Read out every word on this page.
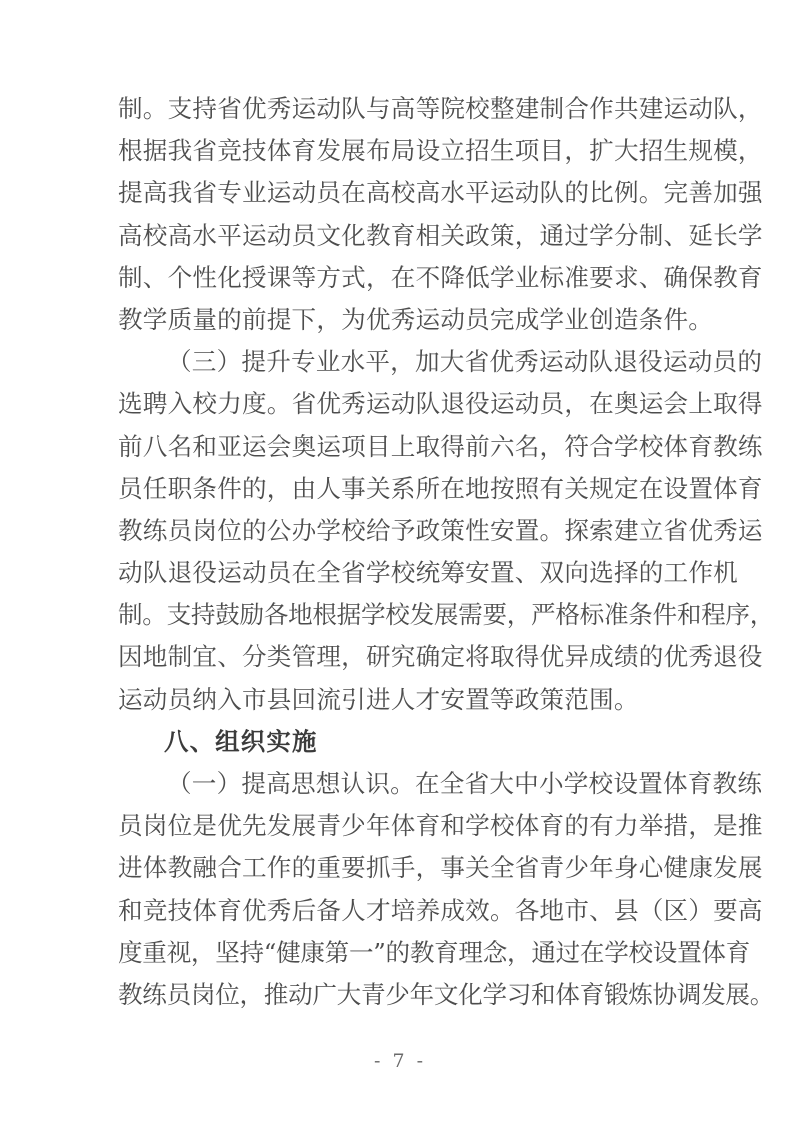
制 。 支 持 省 优 秀 运 动 队 与 高 等 院 校 整 建 制 合 作 共 建 运 动 队 ，
根 据 我 省 竞 技 体 育 发 展 布 局 设 立 招 生 项 目 ， 扩 大 招 生 规 模 ，
提 高 我 省 专 业 运 动 员 在 高 校 高 水 平 运 动 队 的 比 例 。 完 善 加 强
高 校 高 水 平 运 动 员 文 化 教 育 相 关 政 策 ， 通 过 学 分 制 、 延 长 学
制 、 个 性 化 授 课 等 方 式 ， 在 不 降 低 学 业 标 准 要 求 、 确 保 教 育
教学质量的前提下，为优秀运动员完成学业创造条件。
（ 三 ） 提 升 专 业 水 平 ， 加 大 省 优 秀 运 动 队 退 役 运 动 员 的
选 聘 入 校 力 度 。 省 优 秀 运 动 队 退 役 运 动 员 ， 在 奥 运 会 上 取 得
前 八 名 和 亚 运 会 奥 运 项 目 上 取 得 前 六 名 ， 符 合 学 校 体 育 教 练
员 任 职 条 件 的 ， 由 人 事 关 系 所 在 地 按 照 有 关 规 定 在 设 置 体 育
教 练 员 岗 位 的 公 办 学 校 给 予 政 策 性 安 置 。 探 索 建 立 省 优 秀 运
动 队 退 役 运 动 员 在 全 省 学 校 统 筹 安 置 、 双 向 选 择 的 工 作 机
制 。 支 持 鼓 励 各 地 根 据 学 校 发 展 需 要 ， 严 格 标 准 条 件 和 程 序 ，
因 地 制 宜 、 分 类 管 理 ， 研 究 确 定 将 取 得 优 异 成 绩 的 优 秀 退 役
运动员纳入市县回流引进人才安置等政策范围。
八、组织实施
（ 一 ） 提 高 思 想 认 识 。 在 全 省 大 中 小 学 校 设 置 体 育 教 练
员 岗 位 是 优 先 发 展 青 少 年 体 育 和 学 校 体 育 的 有 力 举 措 ， 是 推
进 体 教 融 合 工 作 的 重 要 抓 手 ， 事 关 全 省 青 少 年 身 心 健 康 发 展
和 竞 技 体 育 优 秀 后 备 人 才 培 养 成 效 。 各 地 市 、 县 （ 区 ） 要 高
度 重 视 ， 坚 持 “ 健 康 第 一 ” 的 教 育 理 念 ， 通 过 在 学 校 设 置 体 育
教 练 员 岗 位 ， 推 动 广 大 青 少 年 文 化 学 习 和 体 育 锻 炼 协 调 发 展 。
- 7 -
